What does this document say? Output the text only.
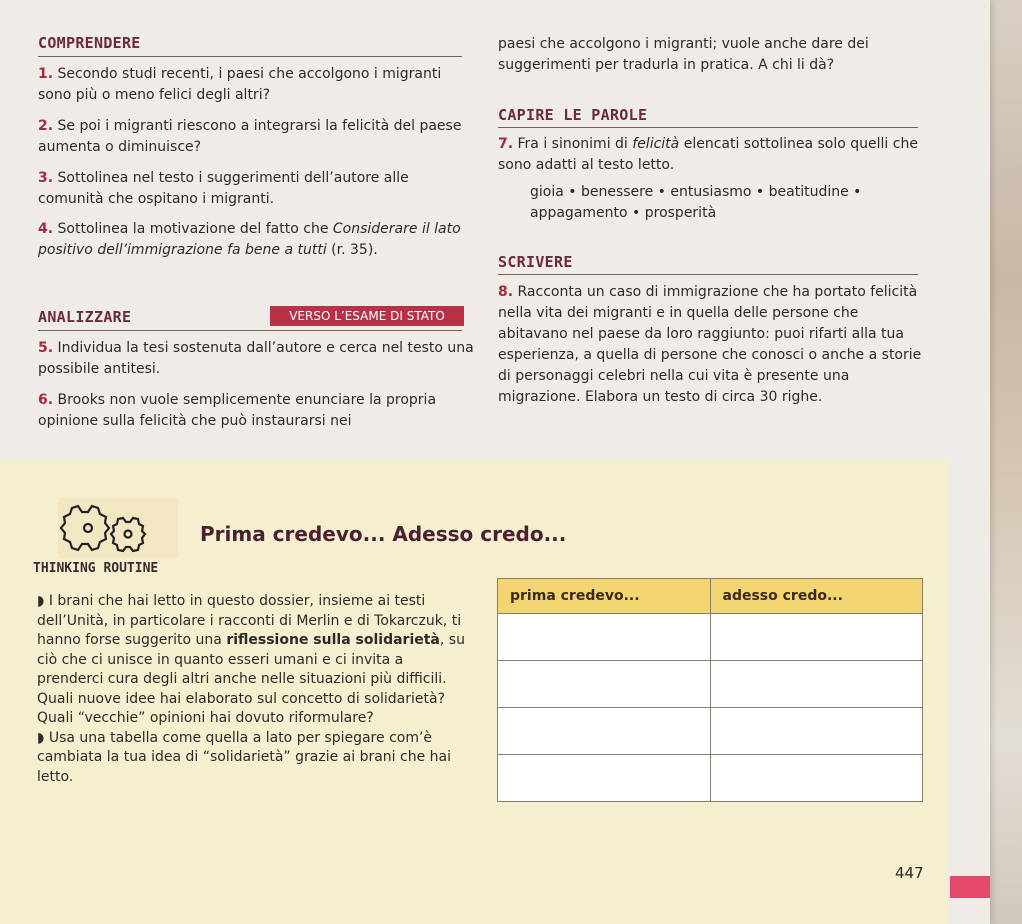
COMPRENDERE
1. Secondo studi recenti, i paesi che accolgono i migranti sono più o meno felici degli altri?
2. Se poi i migranti riescono a integrarsi la felicità del paese aumenta o diminuisce?
3. Sottolinea nel testo i suggerimenti dell’autore alle comunità che ospitano i migranti.
4. Sottolinea la motivazione del fatto che Considerare il lato positivo dell’immigrazione fa bene a tutti (r. 35).
ANALIZZARE	VERSO L’ESAME DI STATO
5. Individua la tesi sostenuta dall’autore e cerca nel testo una possibile antitesi.
6. Brooks non vuole semplicemente enunciare la propria opinione sulla felicità che può instaurarsi nei
paesi che accolgono i migranti; vuole anche dare dei suggerimenti per tradurla in pratica. A chi li dà?
CAPIRE LE PAROLE
7. Fra i sinonimi di felicità elencati sottolinea solo quelli che sono adatti al testo letto.
gioia • benessere • entusiasmo • beatitudine • appagamento • prosperità
SCRIVERE
8. Racconta un caso di immigrazione che ha portato felicità nella vita dei migranti e in quella delle persone che abitavano nel paese da loro raggiunto: puoi rifarti alla tua esperienza, a quella di persone che conosci o anche a storie di personaggi celebri nella cui vita è presente una migrazione. Elabora un testo di circa 30 righe.
THINKING ROUTINE
Prima credevo... Adesso credo...

◗ I brani che hai letto in questo dossier, insieme ai testi dell’Unità, in particolare i racconti di Merlin e di Tokarczuk, ti hanno forse suggerito una riflessione sulla solidarietà, su ciò che ci unisce in quanto esseri umani e ci invita a prenderci cura degli altri anche nelle situazioni più difficili. Quali nuove idee hai elaborato sul concetto di solidarietà? Quali “vecchie” opinioni hai dovuto riformulare?

◗ Usa una tabella come quella a lato per spiegare com’è cambiata la tua idea di “solidarietà” grazie ai brani che hai letto.

prima credevo...	adesso credo...

447
